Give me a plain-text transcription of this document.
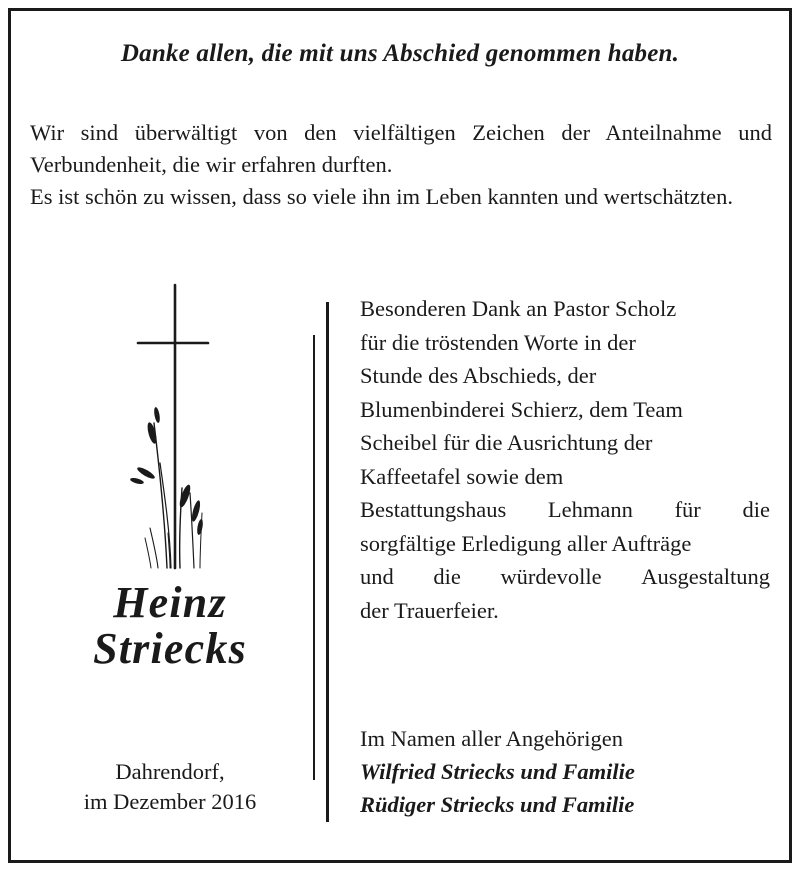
Danke allen, die mit uns Abschied genommen haben.

Wir sind überwältigt von den vielfältigen Zeichen der Anteilnahme und Verbundenheit, die wir erfahren durften.

Es ist schön zu wissen, dass so viele ihn im Leben kannten und wertschätzten.

Heinz
Striecks
Dahrendorf,
im Dezember 2016
Besonderen Dank an Pastor Scholz
für die tröstenden Worte in der
Stunde des Abschieds, der
Blumenbinderei Schierz, dem Team
Scheibel für die Ausrichtung der
Kaffeetafel sowie dem
Bestattungshaus Lehmann für die
sorgfältige Erledigung aller Aufträge
und die würdevolle Ausgestaltung
der Trauerfeier.
Im Namen aller Angehörigen
Wilfried Striecks und Familie
Rüdiger Striecks und Familie
